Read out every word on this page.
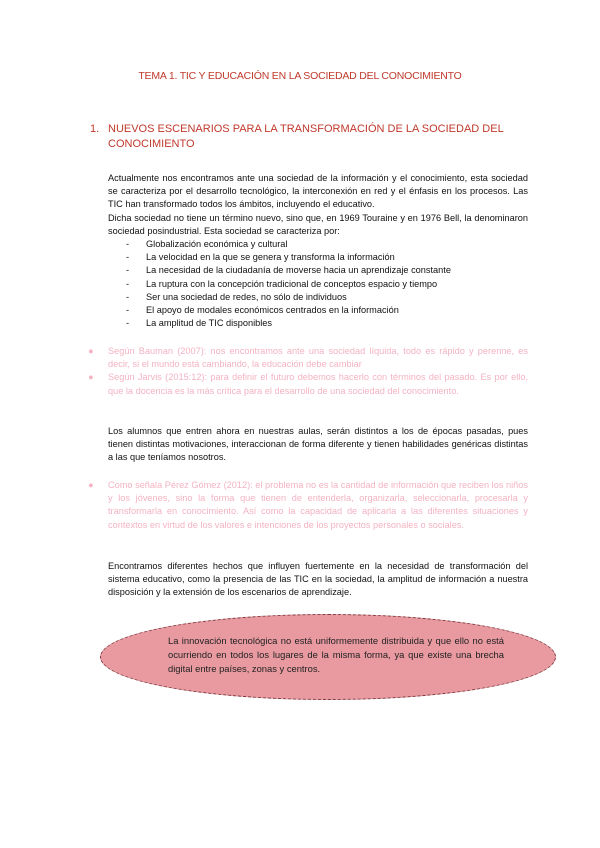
TEMA 1. TIC Y EDUCACIÓN EN LA SOCIEDAD DEL CONOCIMIENTO
1. NUEVOS ESCENARIOS PARA LA TRANSFORMACIÓN DE LA SOCIEDAD DEL CONOCIMIENTO

Actualmente nos encontramos ante una sociedad de la información y el conocimiento, esta sociedad se caracteriza por el desarrollo tecnológico, la interconexión en red y el énfasis en los procesos. Las TIC han transformado todos los ámbitos, incluyendo el educativo.

Dicha sociedad no tiene un término nuevo, sino que, en 1969 Touraine y en 1976 Bell, la denominaron sociedad posindustrial. Esta sociedad se caracteriza por:

- Globalización económica y cultural
- La velocidad en la que se genera y transforma la información
- La necesidad de la ciudadanía de moverse hacia un aprendizaje constante
- La ruptura con la concepción tradicional de conceptos espacio y tiempo
- Ser una sociedad de redes, no sólo de individuos
- El apoyo de modales económicos centrados en la información
- La amplitud de TIC disponibles
● Según Bauman (2007): nos encontramos ante una sociedad líquida, todo es rápido y perenne, es decir, si el mundo está cambiando, la educación debe cambiar
● Según Jarvis (2015:12): para definir el futuro debemos hacerlo con términos del pasado. Es por ello, que la docencia es la más crítica para el desarrollo de una sociedad del conocimiento.
Los alumnos que entren ahora en nuestras aulas, serán distintos a los de épocas pasadas, pues tienen distintas motivaciones, interaccionan de forma diferente y tienen habilidades genéricas distintas a las que teníamos nosotros.
● Como señala Pérez Gómez (2012): el problema no es la cantidad de información que reciben los niños y los jóvenes, sino la forma que tienen de entenderla, organizarla, seleccionarla, procesarla y transformarla en conocimiento. Así como la capacidad de aplicarla a las diferentes situaciones y contextos en virtud de los valores e intenciones de los proyectos personales o sociales.
Encontramos diferentes hechos que influyen fuertemente en la necesidad de transformación del sistema educativo, como la presencia de las TIC en la sociedad, la amplitud de información a nuestra disposición y la extensión de los escenarios de aprendizaje.
La innovación tecnológica no está uniformemente distribuida y que ello no está ocurriendo en todos los lugares de la misma forma, ya que existe una brecha digital entre países, zonas y centros.
